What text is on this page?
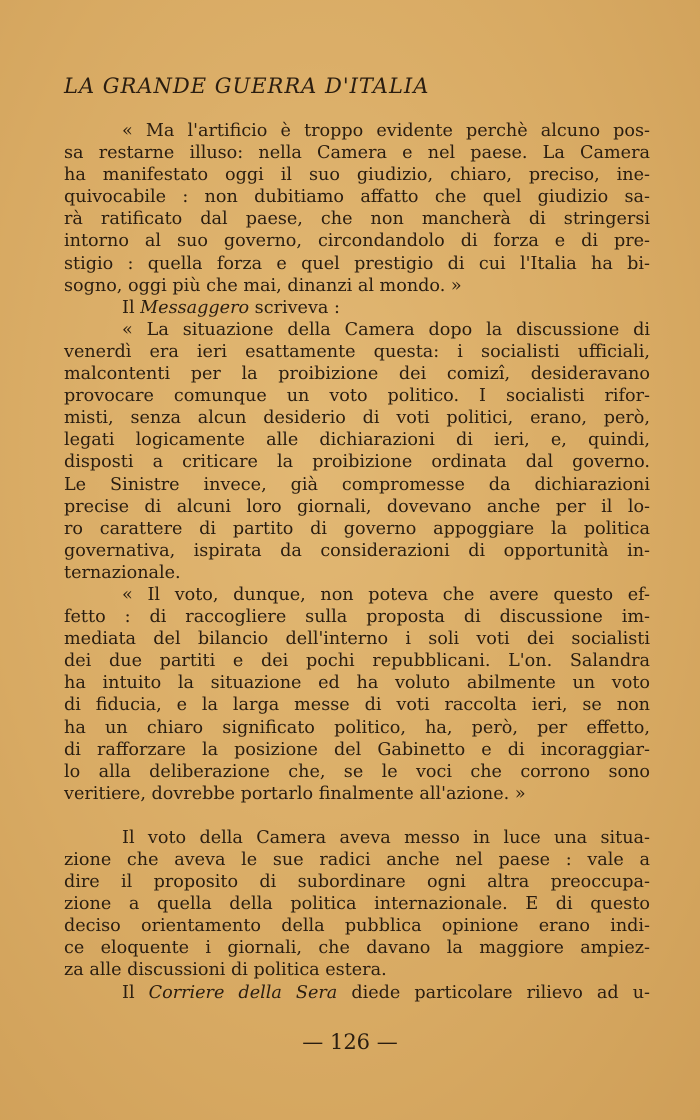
LA GRANDE GUERRA D'ITALIA

« Ma l'artificio è troppo evidente perchè alcuno pos-
sa restarne illuso: nella Camera e nel paese. La Camera
ha manifestato oggi il suo giudizio, chiaro, preciso, ine-
quivocabile : non dubitiamo affatto che quel giudizio sa-
rà ratificato dal paese, che non mancherà di stringersi
intorno al suo governo, circondandolo di forza e di pre-
stigio : quella forza e quel prestigio di cui l'Italia ha bi-
sogno, oggi più che mai, dinanzi al mondo. »

Il Messaggero scriveva :

« La situazione della Camera dopo la discussione di
venerdì era ieri esattamente questa: i socialisti ufficiali,
malcontenti per la proibizione dei comizî, desideravano
provocare comunque un voto politico. I socialisti rifor-
misti, senza alcun desiderio di voti politici, erano, però,
legati logicamente alle dichiarazioni di ieri, e, quindi,
disposti a criticare la proibizione ordinata dal governo.
Le Sinistre invece, già compromesse da dichiarazioni
precise di alcuni loro giornali, dovevano anche per il lo-
ro carattere di partito di governo appoggiare la politica
governativa, ispirata da considerazioni di opportunità in-
ternazionale.

« Il voto, dunque, non poteva che avere questo ef-
fetto : di raccogliere sulla proposta di discussione im-
mediata del bilancio dell'interno i soli voti dei socialisti
dei due partiti e dei pochi repubblicani. L'on. Salandra
ha intuito la situazione ed ha voluto abilmente un voto
di fiducia, e la larga messe di voti raccolta ieri, se non
ha un chiaro significato politico, ha, però, per effetto,
di rafforzare la posizione del Gabinetto e di incoraggiar-
lo alla deliberazione che, se le voci che corrono sono
veritiere, dovrebbe portarlo finalmente all'azione. »

Il voto della Camera aveva messo in luce una situa-
zione che aveva le sue radici anche nel paese : vale a
dire il proposito di subordinare ogni altra preoccupa-
zione a quella della politica internazionale. E di questo
deciso orientamento della pubblica opinione erano indi-
ce eloquente i giornali, che davano la maggiore ampiez-
za alle discussioni di politica estera.

Il Corriere della Sera diede particolare rilievo ad u-

— 126 —
